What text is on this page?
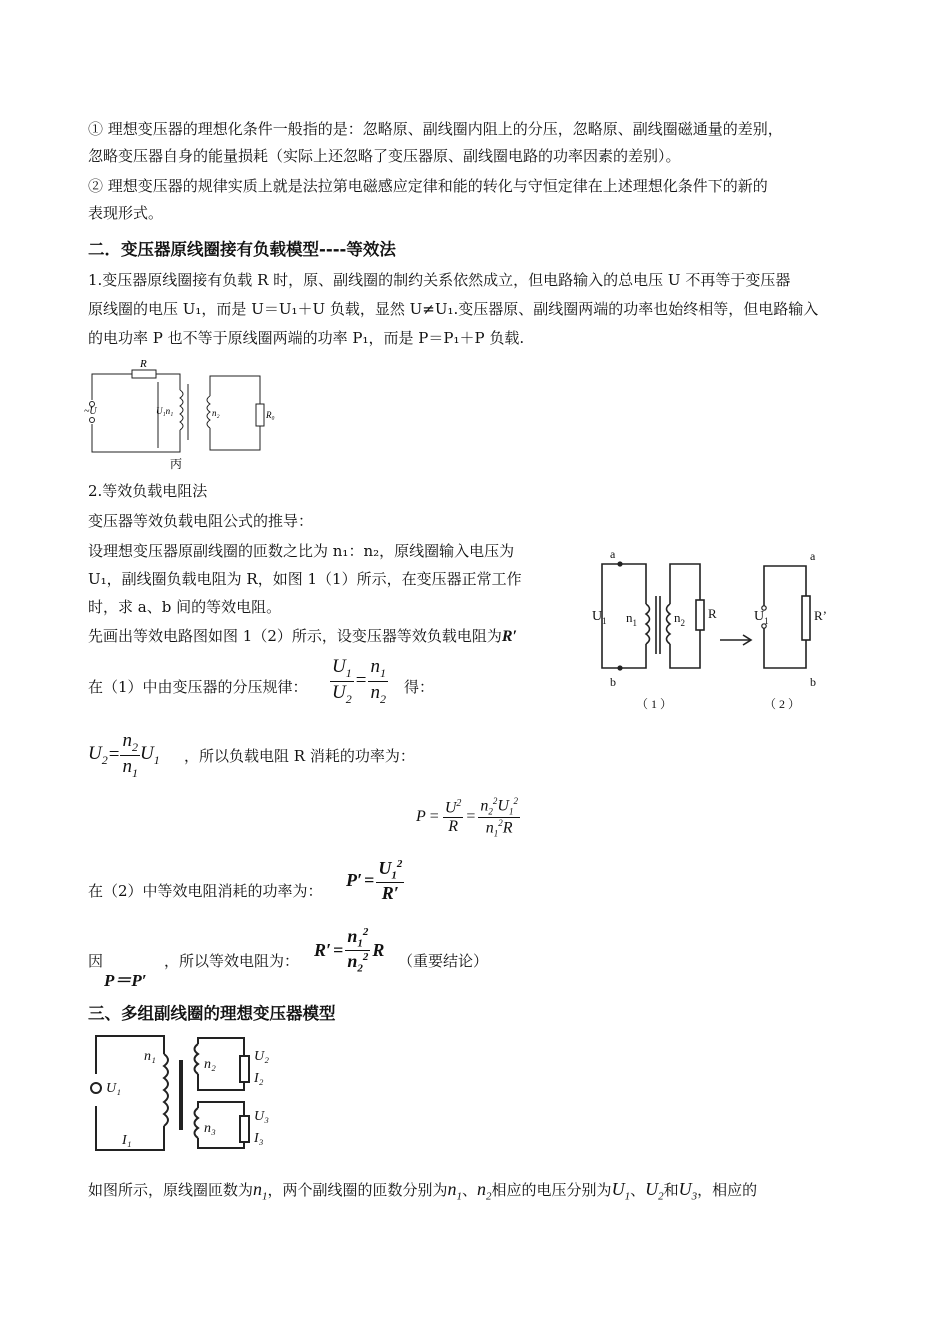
① 理想变压器的理想化条件一般指的是：忽略原、副线圈内阻上的分压，忽略原、副线圈磁通量的差别，
忽略变压器自身的能量损耗（实际上还忽略了变压器原、副线圈电路的功率因素的差别）。
② 理想变压器的规律实质上就是法拉第电磁感应定律和能的转化与守恒定律在上述理想化条件下的新的
表现形式。
二．变压器原线圈接有负载模型----等效法
1.变压器原线圈接有负载 R 时，原、副线圈的制约关系依然成立，但电路输入的总电压 U 不再等于变压器
原线圈的电压 U₁，而是 U＝U₁＋U 负载，显然 U≠U₁.变压器原、副线圈两端的功率也始终相等，但电路输入
的电功率 P 也不等于原线圈两端的功率 P₁，而是 P＝P₁＋P 负载.
R
~U	U₁n₁	n₂	R₀
丙
2.等效负载电阻法
变压器等效负载电阻公式的推导：
设理想变压器原副线圈的匝数之比为 n₁：n₂，原线圈输入电压为
U₁，副线圈负载电阻为 R，如图 1（1）所示，在变压器正常工作
时，求 a、b 间的等效电阻。
先画出等效电路图如图 1（2）所示，设变压器等效负载电阻为R′
a
b
$U_1$ $n_1$	$n_2$
R
（ 1 ）
a
b
$U_1$	R’
（ 2 ）
在（1）中由变压器的分压规律： $\frac{U_1}{U_2} = \frac{n_1}{n_2}$ 得：
$U_2 = \frac{n_2}{n_1} U_1$ ，所以负载电阻 R 消耗的功率为：
$P = \frac{U^2}{R} = \frac{n_2^2U_1^2}{n_1^2R}$
在（2）中等效电阻消耗的功率为：
$P' = \frac{U_1^2}{R'}$
因
P＝P′
，所以等效电阻为：
$R' = \frac{n_1^2}{n_2^2}$ R
（重要结论）
三、多组副线圈的理想变压器模型
n₁
U₁
I₁
n₂
U₂
I₂
n₃
U₃
I₃
如图所示，原线圈匝数为$n_1$，两个副线圈的匝数分别为$n_1$、$n_2$相应的电压分别为$U_1$、$U_2$和$U_3$，相应的
